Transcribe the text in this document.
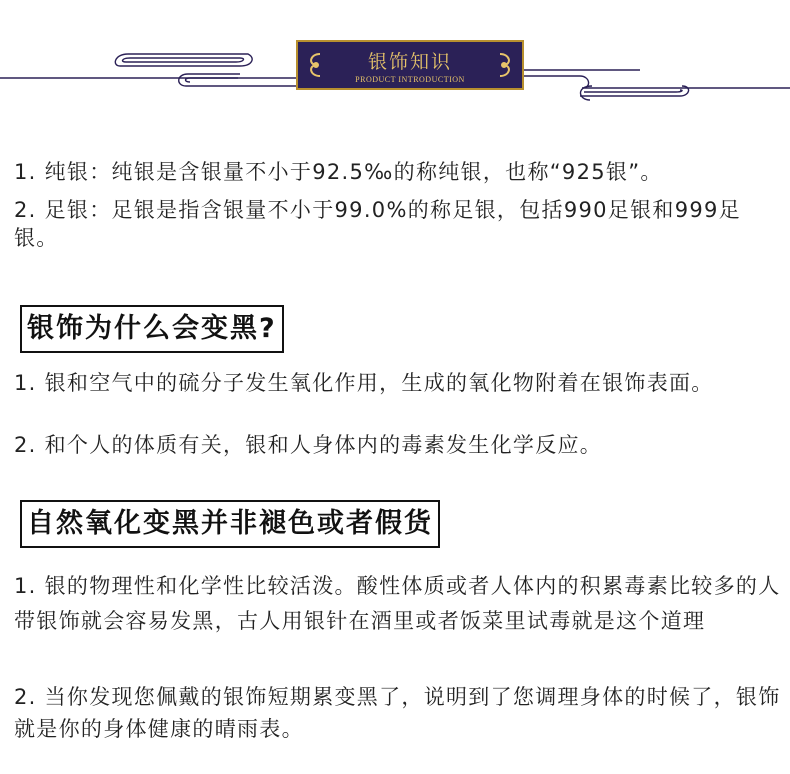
银饰知识
PRODUCT INTRODUCTION

1. 纯银：纯银是含银量不小于92.5‰的称纯银，也称“925银”。

2. 足银：足银是指含银量不小于99.0%的称足银，包括990足银和999足银。

银饰为什么会变黑?

1. 银和空气中的硫分子发生氧化作用，生成的氧化物附着在银饰表面。

2. 和个人的体质有关，银和人身体内的毒素发生化学反应。

自然氧化变黑并非褪色或者假货

1. 银的物理性和化学性比较活泼。酸性体质或者人体内的积累毒素比较多的人带银饰就会容易发黑，古人用银针在酒里或者饭菜里试毒就是这个道理

2. 当你发现您佩戴的银饰短期累变黑了，说明到了您调理身体的时候了，银饰就是你的身体健康的晴雨表。
